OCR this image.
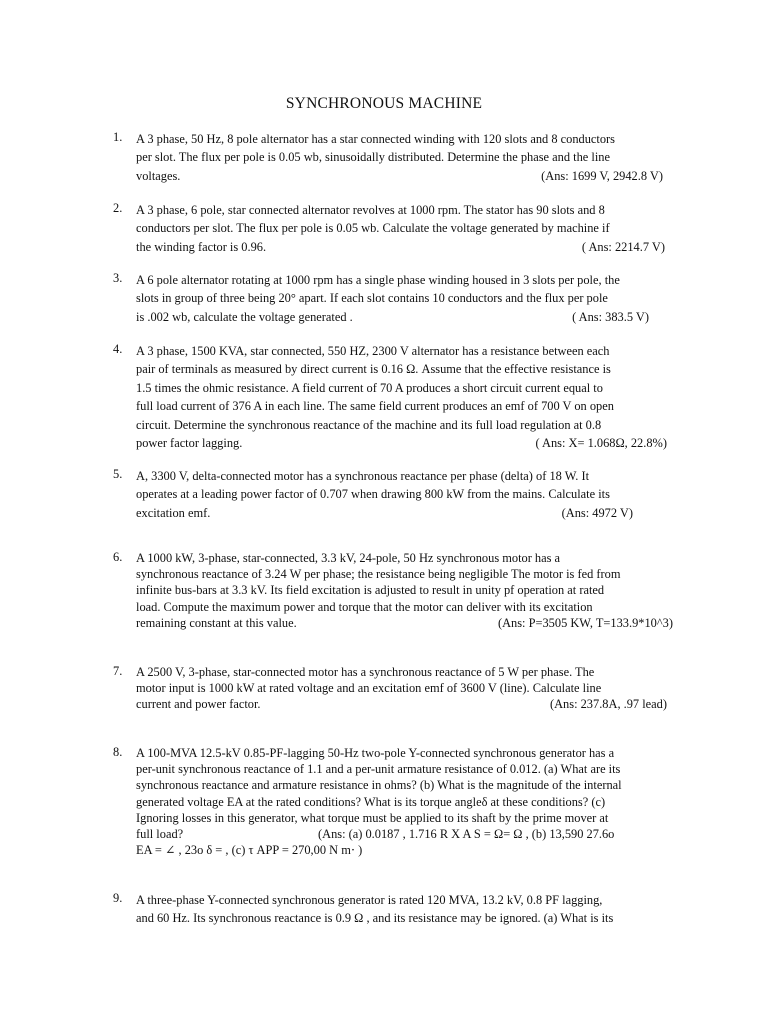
SYNCHRONOUS MACHINE
1. A 3 phase, 50 Hz, 8 pole alternator has a star connected winding with 120 slots and 8 conductors
per slot. The flux per pole is 0.05 wb, sinusoidally distributed. Determine the phase and the line
voltages.	(Ans: 1699 V, 2942.8 V)
2. A 3 phase, 6 pole, star connected alternator revolves at 1000 rpm. The stator has 90 slots and 8
conductors per slot. The flux per pole is 0.05 wb. Calculate the voltage generated by machine if
the winding factor is 0.96.	( Ans: 2214.7 V)
3. A 6 pole alternator rotating at 1000 rpm has a single phase winding housed in 3 slots per pole, the
slots in group of three being 20° apart. If each slot contains 10 conductors and the flux per pole
is .002 wb, calculate the voltage generated .	( Ans: 383.5 V)
4. A 3 phase, 1500 KVA, star connected, 550 HZ, 2300 V alternator has a resistance between each
pair of terminals as measured by direct current is 0.16 Ω. Assume that the effective resistance is
1.5 times the ohmic resistance. A field current of 70 A produces a short circuit current equal to
full load current of 376 A in each line. The same field current produces an emf of 700 V on open
circuit. Determine the synchronous reactance of the machine and its full load regulation at 0.8
power factor lagging.	( Ans: X= 1.068Ω, 22.8%)
5. A, 3300 V, delta-connected motor has a synchronous reactance per phase (delta) of 18 W. It
operates at a leading power factor of 0.707 when drawing 800 kW from the mains. Calculate its
excitation emf.	(Ans: 4972 V)
6. A 1000 kW, 3-phase, star-connected, 3.3 kV, 24-pole, 50 Hz synchronous motor has a
synchronous reactance of 3.24 W per phase; the resistance being negligible The motor is fed from
infinite bus-bars at 3.3 kV. Its field excitation is adjusted to result in unity pf operation at rated
load. Compute the maximum power and torque that the motor can deliver with its excitation
remaining constant at this value.	(Ans: P=3505 KW, T=133.9*10^3)
7. A 2500 V, 3-phase, star-connected motor has a synchronous reactance of 5 W per phase. The
motor input is 1000 kW at rated voltage and an excitation emf of 3600 V (line). Calculate line
current and power factor.	(Ans: 237.8A, .97 lead)
8. A 100-MVA 12.5-kV 0.85-PF-lagging 50-Hz two-pole Y-connected synchronous generator has a
per-unit synchronous reactance of 1.1 and a per-unit armature resistance of 0.012. (a) What are its
synchronous reactance and armature resistance in ohms? (b) What is the magnitude of the internal
generated voltage EA at the rated conditions? What is its torque angleδ at these conditions? (c)
Ignoring losses in this generator, what torque must be applied to its shaft by the prime mover at
full load?	(Ans: (a) 0.0187 , 1.716 R X A S = Ω= Ω , (b) 13,590 27.6o
EA = ∠ , 23o δ = , (c) τ APP = 270,00 N m⋅ )
9. A three-phase Y-connected synchronous generator is rated 120 MVA, 13.2 kV, 0.8 PF lagging,
and 60 Hz. Its synchronous reactance is 0.9 Ω , and its resistance may be ignored. (a) What is its
